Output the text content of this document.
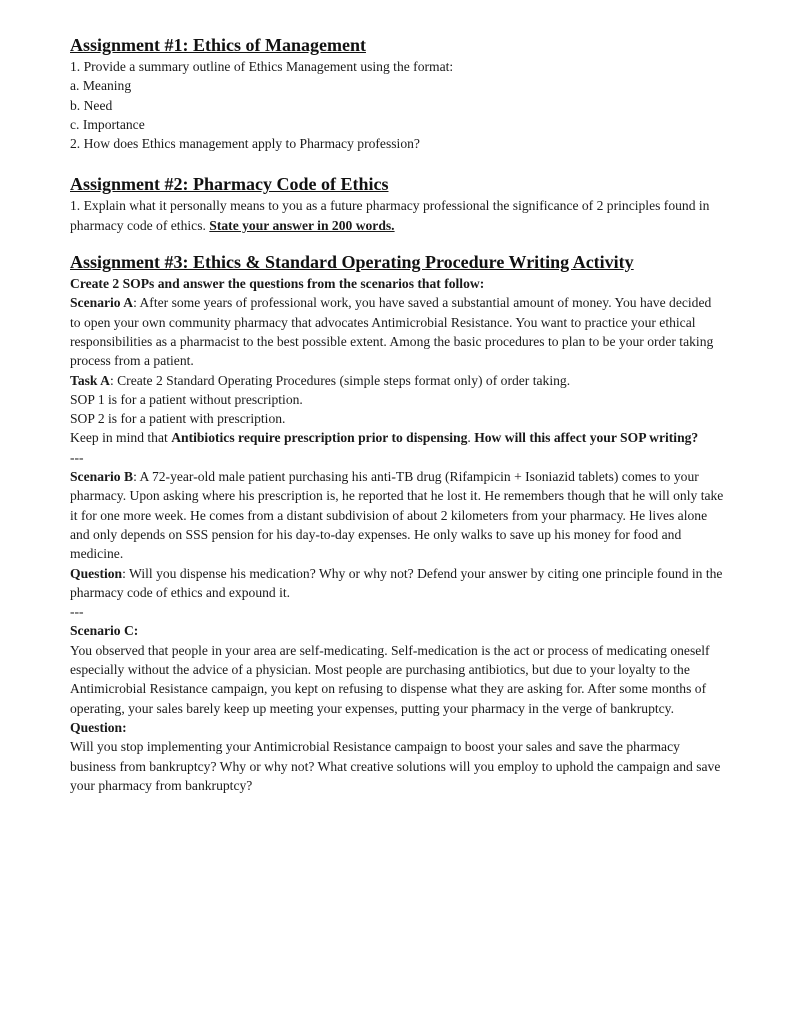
Assignment #1: Ethics of Management

1. Provide a summary outline of Ethics Management using the format:

a. Meaning

b. Need

c. Importance

2. How does Ethics management apply to Pharmacy profession?

Assignment #2: Pharmacy Code of Ethics

1. Explain what it personally means to you as a future pharmacy professional the significance of 2 principles found in pharmacy code of ethics. State your answer in 200 words.

Assignment #3: Ethics & Standard Operating Procedure Writing Activity

Create 2 SOPs and answer the questions from the scenarios that follow:

Scenario A: After some years of professional work, you have saved a substantial amount of money. You have decided to open your own community pharmacy that advocates Antimicrobial Resistance. You want to practice your ethical responsibilities as a pharmacist to the best possible extent. Among the basic procedures to plan to be your order taking process from a patient.

Task A: Create 2 Standard Operating Procedures (simple steps format only) of order taking.

SOP 1 is for a patient without prescription.

SOP 2 is for a patient with prescription.

Keep in mind that Antibiotics require prescription prior to dispensing. How will this affect your SOP writing?

---

Scenario B: A 72-year-old male patient purchasing his anti-TB drug (Rifampicin + Isoniazid tablets) comes to your pharmacy. Upon asking where his prescription is, he reported that he lost it. He remembers though that he will only take it for one more week. He comes from a distant subdivision of about 2 kilometers from your pharmacy. He lives alone and only depends on SSS pension for his day-to-day expenses. He only walks to save up his money for food and medicine.

Question: Will you dispense his medication? Why or why not? Defend your answer by citing one principle found in the pharmacy code of ethics and expound it.

---

Scenario C:

You observed that people in your area are self-medicating. Self-medication is the act or process of medicating oneself especially without the advice of a physician. Most people are purchasing antibiotics, but due to your loyalty to the Antimicrobial Resistance campaign, you kept on refusing to dispense what they are asking for. After some months of operating, your sales barely keep up meeting your expenses, putting your pharmacy in the verge of bankruptcy.

Question:

Will you stop implementing your Antimicrobial Resistance campaign to boost your sales and save the pharmacy business from bankruptcy? Why or why not? What creative solutions will you employ to uphold the campaign and save your pharmacy from bankruptcy?
